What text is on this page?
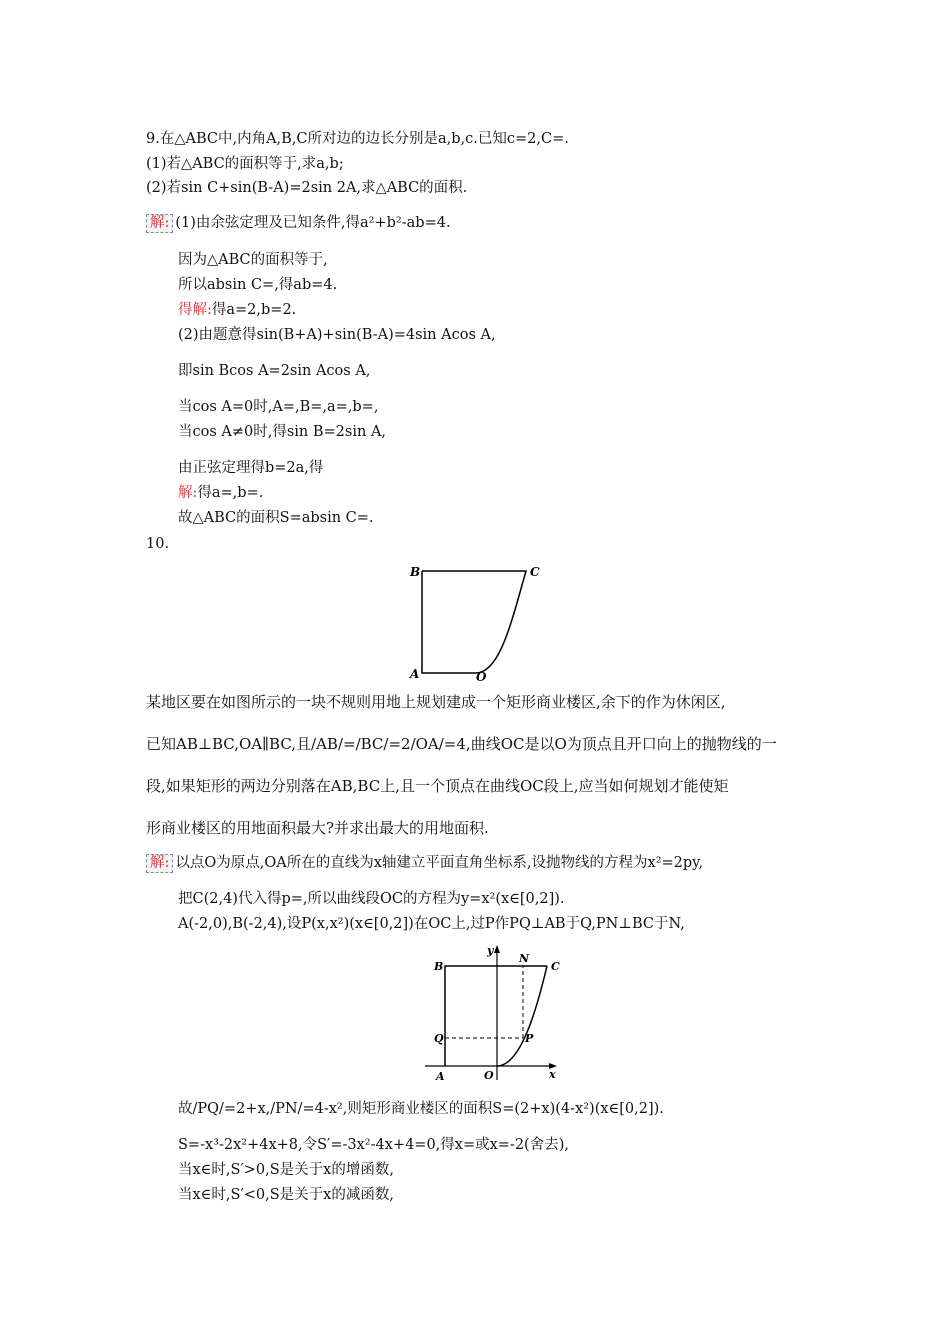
9.在△ABC中,内角A,B,C所对边的边长分别是a,b,c.已知c=2,C=.
(1)若△ABC的面积等于,求a,b;
(2)若sin C+sin(B-A)=2sin 2A,求△ABC的面积.
解: (1)由余弦定理及已知条件,得a²+b²-ab=4.
因为△ABC的面积等于,
所以absin C=,得ab=4.
得解:得a=2,b=2.
(2)由题意得sin(B+A)+sin(B-A)=4sin Acos A,
即sin Bcos A=2sin Acos A,
当cos A=0时,A=,B=,a=,b=,
当cos A≠0时,得sin B=2sin A,
由正弦定理得b=2a,得
解:得a=,b=.
故△ABC的面积S=absin C=.
10.
B	C
A	O
某地区要在如图所示的一块不规则用地上规划建成一个矩形商业楼区,余下的作为休闲区,
已知AB⊥BC,OA∥BC,且/AB/=/BC/=2/OA/=4,曲线OC是以O为顶点且开口向上的抛物线的一
段,如果矩形的两边分别落在AB,BC上,且一个顶点在曲线OC段上,应当如何规划才能使矩
形商业楼区的用地面积最大?并求出最大的用地面积.
解: 以点O为原点,OA所在的直线为x轴建立平面直角坐标系,设抛物线的方程为x²=2py,
把C(2,4)代入得p=,所以曲线段OC的方程为y=x²(x∈[0,2]).
A(-2,0),B(-2,4),设P(x,x²)(x∈[0,2])在OC上,过P作PQ⊥AB于Q,PN⊥BC于N,
y
N
B	C
Q	P
A	O	x
故/PQ/=2+x,/PN/=4-x²,则矩形商业楼区的面积S=(2+x)(4-x²)(x∈[0,2]).
S=-x³-2x²+4x+8,令S′=-3x²-4x+4=0,得x=或x=-2(舍去),
当x∈时,S′>0,S是关于x的增函数,
当x∈时,S′<0,S是关于x的减函数,
